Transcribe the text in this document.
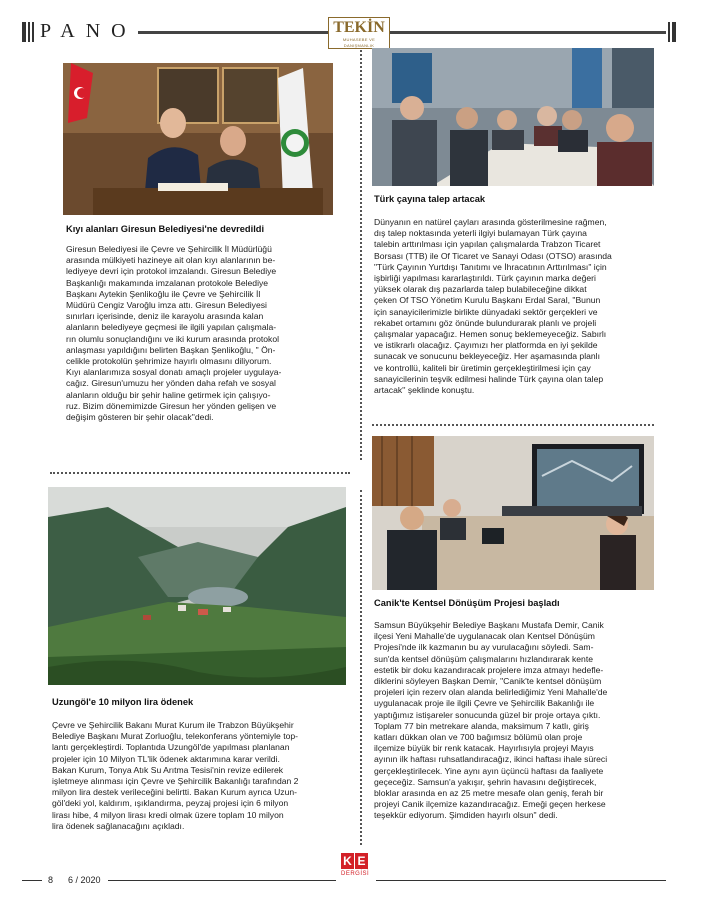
PANO	TEKİN
MUHASEBE VE DANIŞMANLIK
Kıyı alanları Giresun Belediyesi'ne devredildi
Giresun Belediyesi ile Çevre ve Şehircilik İl Müdürlüğü
arasında mülkiyeti hazineye ait olan kıyı alanlarının be-
lediyeye devri için protokol imzalandı. Giresun Belediye
Başkanlığı makamında imzalanan protokole Belediye
Başkanı Aytekin Şenlikoğlu ile Çevre ve Şehircilik İl
Müdürü Cengiz Varoğlu imza attı. Giresun Belediyesi
sınırları içerisinde, deniz ile karayolu arasında kalan
alanların belediyeye geçmesi ile ilgili yapılan çalışmala-
rın olumlu sonuçlandığını ve iki kurum arasında protokol
anlaşması yapıldığını belirten Başkan Şenlikoğlu, " Ön-
celikle protokolün şehrimize hayırlı olmasını diliyorum.
Kıyı alanlarımıza sosyal donatı amaçlı projeler uygulaya-
cağız. Giresun'umuzu her yönden daha refah ve sosyal
alanların olduğu bir şehir haline getirmek için çalışıyo-
ruz. Bizim dönemimizde Giresun her yönden gelişen ve
değişim gösteren bir şehir olacak''dedi.
Türk çayına talep artacak
Dünyanın en natürel çayları arasında gösterilmesine rağmen,
dış talep noktasında yeterli ilgiyi bulamayan Türk çayına
talebin arttırılması için yapılan çalışmalarda Trabzon Ticaret
Borsası (TTB) ile Of Ticaret ve Sanayi Odası (OTSO) arasında
"Türk Çayının Yurtdışı Tanıtımı ve İhracatının Arttırılması" için
işbirliği yapılması kararlaştırıldı. Türk çayının marka değeri
yüksek olarak dış pazarlarda talep bulabileceğine dikkat
çeken Of TSO Yönetim Kurulu Başkanı Erdal Saral, "Bunun
için sanayicilerimizle birlikte dünyadaki sektör gerçekleri ve
rekabet ortamını göz önünde bulundurarak planlı ve projeli
çalışmalar yapacağız. Hemen sonuç beklemeyeceğiz. Sabırlı
ve istikrarlı olacağız. Çayımızı her platformda en iyi şekilde
sunacak ve sonucunu bekleyeceğiz. Her aşamasında planlı
ve kontrollü, kaliteli bir üretimin gerçekleştirilmesi için çay
sanayicilerinin teşvik edilmesi halinde Türk çayına olan talep
artacak'' şeklinde konuştu.
Uzungöl'e 10 milyon lira ödenek
Çevre ve Şehircilik Bakanı Murat Kurum ile Trabzon Büyükşehir
Belediye Başkanı Murat Zorluoğlu, telekonferans yöntemiyle top-
lantı gerçekleştirdi. Toplantıda Uzungöl'de yapılması planlanan
projeler için 10 Milyon TL'lik ödenek aktarımına karar verildi.
Bakan Kurum, Tonya Atık Su Arıtma Tesisi'nin revize edilerek
işletmeye alınması için Çevre ve Şehircilik Bakanlığı tarafından 2
milyon lira destek verileceğini belirtti. Bakan Kurum ayrıca Uzun-
göl'deki yol, kaldırım, ışıklandırma, peyzaj projesi için 6 milyon
lirası hibe, 4 milyon lirası kredi olmak üzere toplam 10 milyon
lira ödenek sağlanacağını açıkladı.
Canik'te Kentsel Dönüşüm Projesi başladı
Samsun Büyükşehir Belediye Başkanı Mustafa Demir, Canik
ilçesi Yeni Mahalle'de uygulanacak olan Kentsel Dönüşüm
Projesi'nde ilk kazmanın bu ay vurulacağını söyledi. Sam-
sun'da kentsel dönüşüm çalışmalarını hızlandırarak kente
estetik bir doku kazandıracak projelere imza atmayı hedefle-
diklerini söyleyen Başkan Demir, "Canik'te kentsel dönüşüm
projeleri için rezerv olan alanda belirlediğimiz Yeni Mahalle'de
uygulanacak proje ile ilgili Çevre ve Şehircilik Bakanlığı ile
yaptığımız istişareler sonucunda güzel bir proje ortaya çıktı.
Toplam 77 bin metrekare alanda, maksimum 7 katlı, giriş
katları dükkan olan ve 700 bağımsız bölümü olan proje
ilçemize büyük bir renk katacak. Hayırlısıyla projeyi Mayıs
ayının ilk haftası ruhsatlandıracağız, ikinci haftası ihale süreci
gerçekleştirilecek. Yine aynı ayın üçüncü haftası da faaliyete
geçeceğiz. Samsun'a yakışır, şehrin havasını değiştirecek,
bloklar arasında en az 25 metre mesafe olan geniş, ferah bir
projeyi Canik ilçemize kazandıracağız. Emeği geçen herkese
teşekkür ediyorum. Şimdiden hayırlı olsun" dedi.
8 6 / 2020
K E
DERGİSİ
